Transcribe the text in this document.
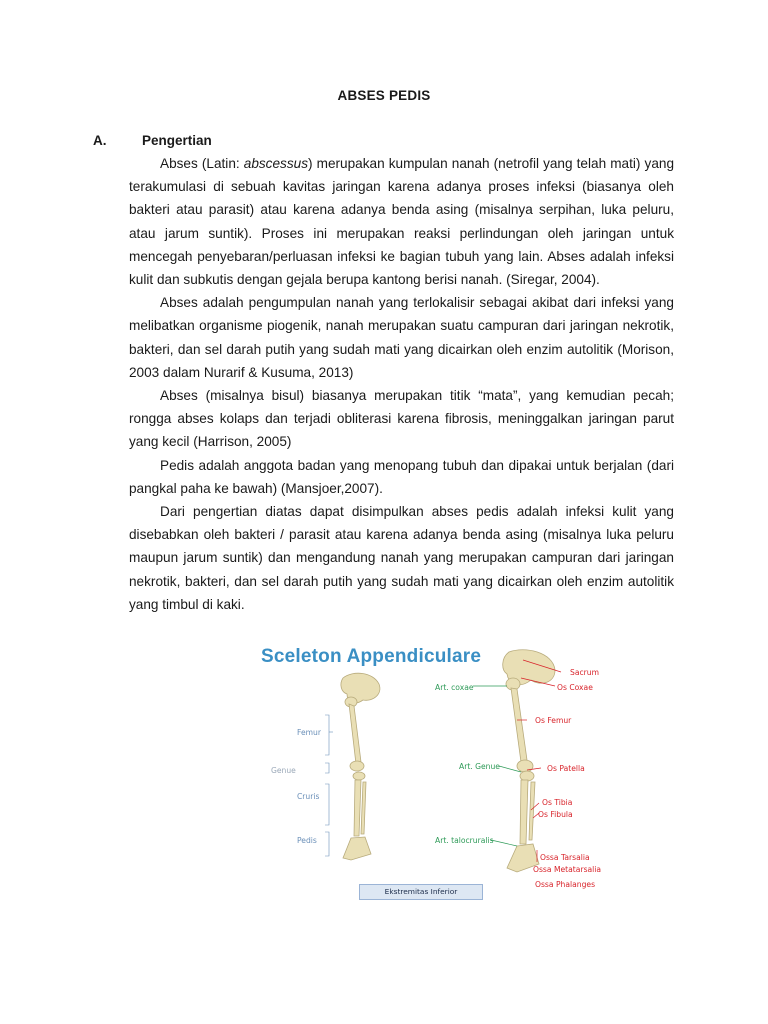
ABSES PEDIS
A.	Pengertian

Abses (Latin: abscessus) merupakan kumpulan nanah (netrofil yang telah mati) yang terakumulasi di sebuah kavitas jaringan karena adanya proses infeksi (biasanya oleh bakteri atau parasit) atau karena adanya benda asing (misalnya serpihan, luka peluru, atau jarum suntik). Proses ini merupakan reaksi perlindungan oleh jaringan untuk mencegah penyebaran/perluasan infeksi ke bagian tubuh yang lain. Abses adalah infeksi kulit dan subkutis dengan gejala berupa kantong berisi nanah. (Siregar, 2004).

Abses adalah pengumpulan nanah yang terlokalisir sebagai akibat dari infeksi yang melibatkan organisme piogenik, nanah merupakan suatu campuran dari jaringan nekrotik, bakteri, dan sel darah putih yang sudah mati yang dicairkan oleh enzim autolitik (Morison, 2003 dalam Nurarif & Kusuma, 2013)

Abses (misalnya bisul) biasanya merupakan titik “mata”, yang kemudian pecah; rongga abses kolaps dan terjadi obliterasi karena fibrosis, meninggalkan jaringan parut yang kecil (Harrison, 2005)

Pedis adalah anggota badan yang menopang tubuh dan dipakai untuk berjalan (dari pangkal paha ke bawah) (Mansjoer,2007).

Dari pengertian diatas dapat disimpulkan abses pedis adalah infeksi kulit yang disebabkan oleh bakteri / parasit atau karena adanya benda asing (misalnya luka peluru maupun jarum suntik) dan mengandung nanah yang merupakan campuran dari jaringan nekrotik, bakteri, dan sel darah putih yang sudah mati yang dicairkan oleh enzim autolitik yang timbul di kaki.

Sceleton Appendiculare
Femur
Genue
Cruris
Pedis
Art. coxae
Art. Genue
Art. talocruralis
Sacrum
Os Coxae
Os Femur
Os Patella
Os Tibia
Os Fibula
Ossa Tarsalia
Ossa Metatarsalia
Ossa Phalanges
Ekstremitas Inferior
